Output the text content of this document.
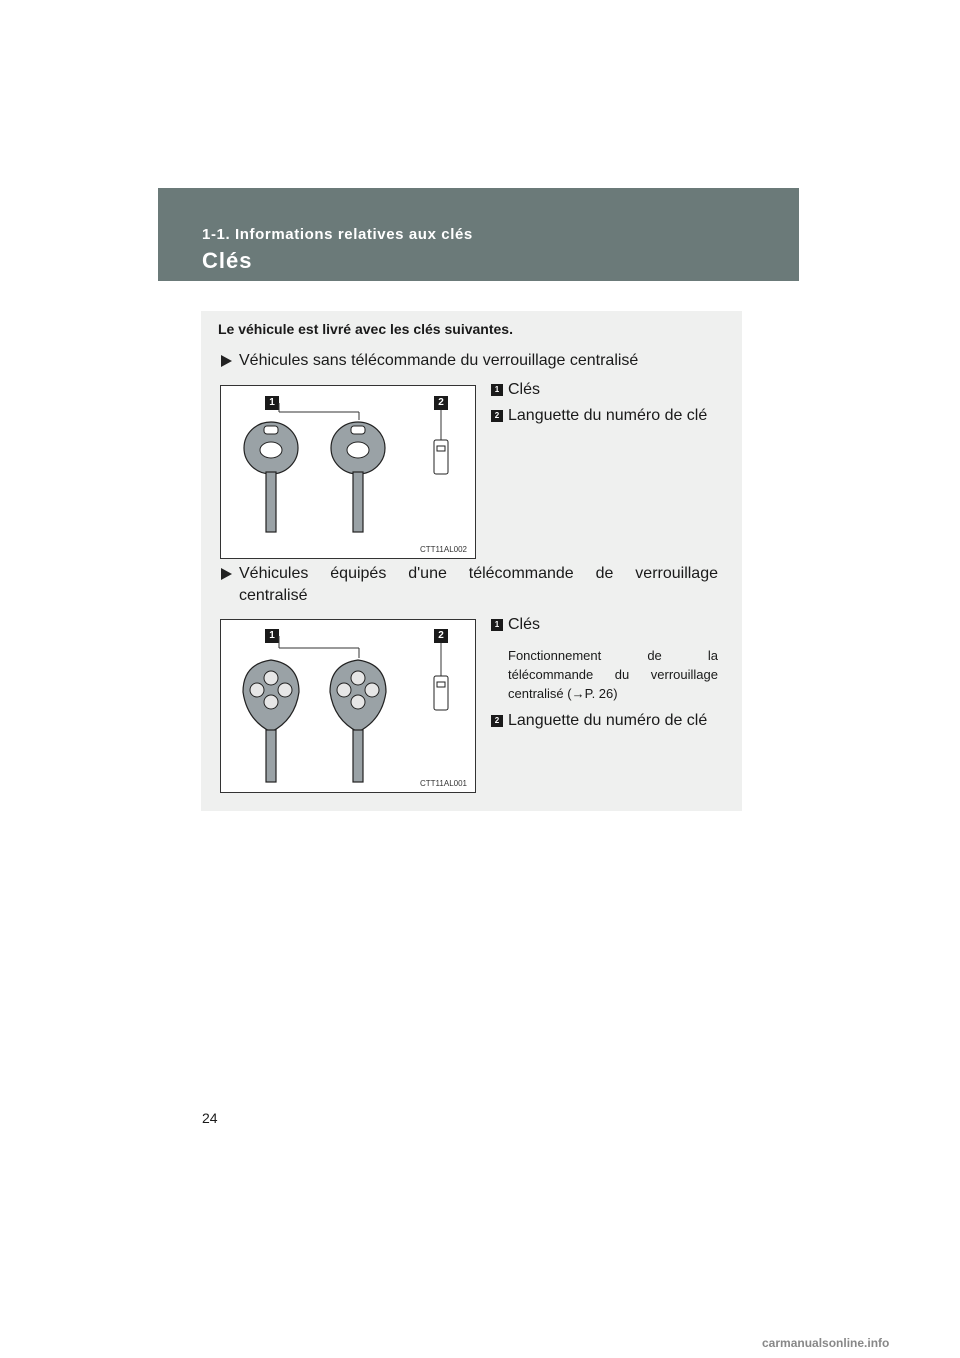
1-1. Informations relatives aux clés
Clés
Le véhicule est livré avec les clés suivantes.
Véhicules sans télécommande du verrouillage centralisé
1	2
CTT11AL002
1 Clés
2 Languette du numéro de clé
Véhicules équipés d'une télécommande de verrouillage
centralisé
1	2
CTT11AL001
1 Clés
Fonctionnement de la
télécommande du verrouillage
centralisé (→P. 26)
2 Languette du numéro de clé
24
carmanualsonline.info
